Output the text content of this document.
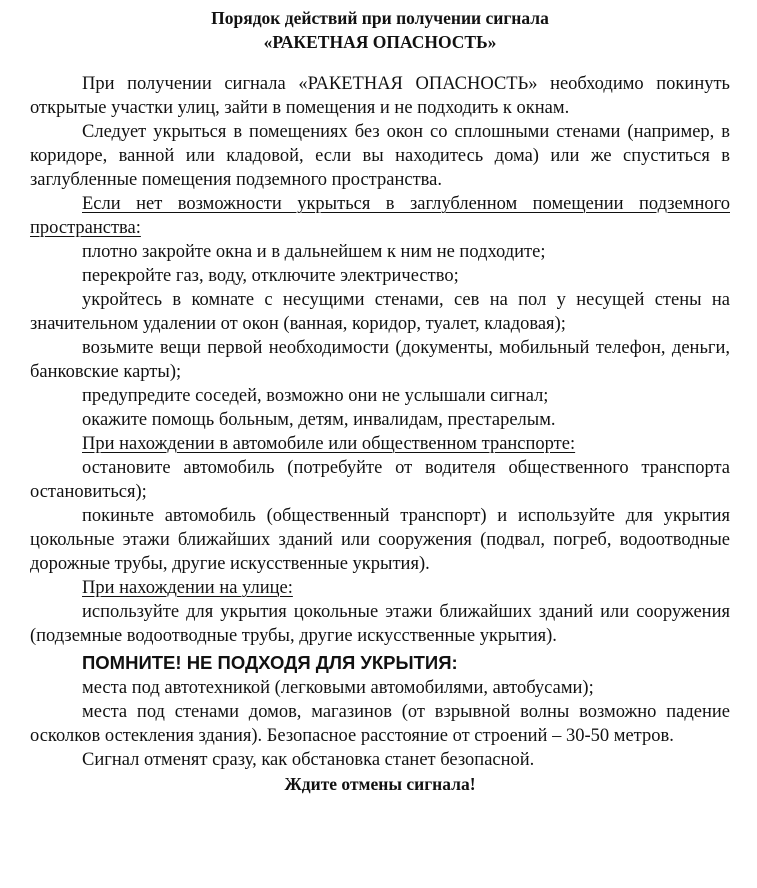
Порядок действий при получении сигнала
«РАКЕТНАЯ ОПАСНОСТЬ»

При получении сигнала «РАКЕТНАЯ ОПАСНОСТЬ» необходимо покинуть открытые участки улиц, зайти в помещения и не подходить к окнам.

Следует укрыться в помещениях без окон со сплошными стенами (например, в коридоре, ванной или кладовой, если вы находитесь дома) или же спуститься в заглубленные помещения подземного пространства.

Если нет возможности укрыться в заглубленном помещении подземного пространства:

плотно закройте окна и в дальнейшем к ним не подходите;

перекройте газ, воду, отключите электричество;

укройтесь в комнате с несущими стенами, сев на пол у несущей стены на значительном удалении от окон (ванная, коридор, туалет, кладовая);

возьмите вещи первой необходимости (документы, мобильный телефон, деньги, банковские карты);

предупредите соседей, возможно они не услышали сигнал;

окажите помощь больным, детям, инвалидам, престарелым.

При нахождении в автомобиле или общественном транспорте:

остановите автомобиль (потребуйте от водителя общественного транспорта остановиться);

покиньте автомобиль (общественный транспорт) и используйте для укрытия цокольные этажи ближайших зданий или сооружения (подвал, погреб, водоотводные дорожные трубы, другие искусственные укрытия).

При нахождении на улице:

используйте для укрытия цокольные этажи ближайших зданий или сооружения (подземные водоотводные трубы, другие искусственные укрытия).

ПОМНИТЕ! НЕ ПОДХОДЯ ДЛЯ УКРЫТИЯ:

места под автотехникой (легковыми автомобилями, автобусами);

места под стенами домов, магазинов (от взрывной волны возможно падение осколков остекления здания). Безопасное расстояние от строений – 30-50 метров.

Сигнал отменят сразу, как обстановка станет безопасной.

Ждите отмены сигнала!
